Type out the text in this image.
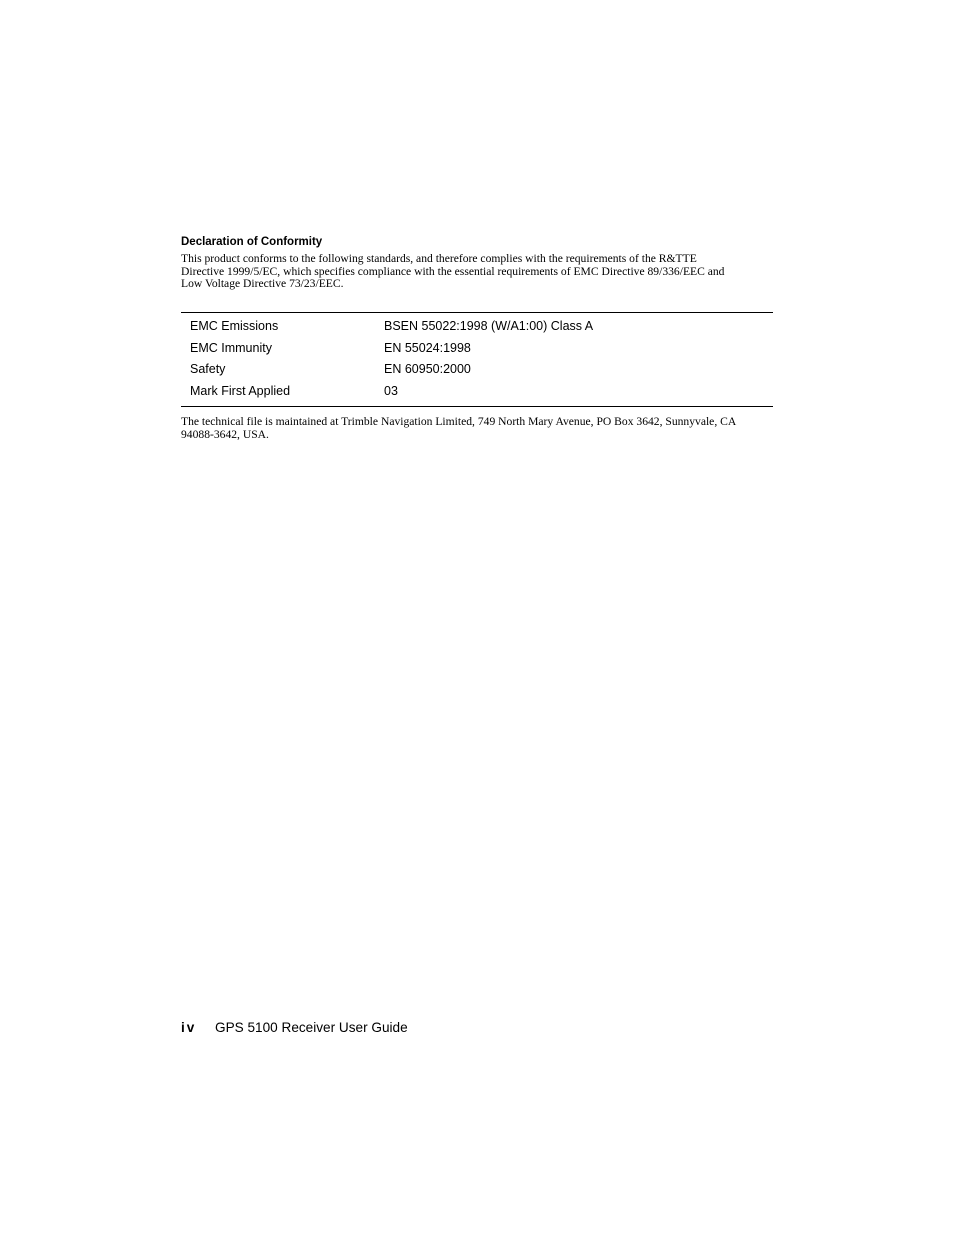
Declaration of Conformity
This product conforms to the following standards, and therefore complies with the requirements of the R&TTE
Directive 1999/5/EC, which specifies compliance with the essential requirements of EMC Directive 89/336/EEC and
Low Voltage Directive 73/23/EEC.
EMC Emissions	BSEN 55022:1998 (W/A1:00) Class A
EMC Immunity	EN 55024:1998
Safety	EN 60950:2000
Mark First Applied	03
The technical file is maintained at Trimble Navigation Limited, 749 North Mary Avenue, PO Box 3642, Sunnyvale, CA
94088-3642, USA.
iv GPS 5100 Receiver User Guide
